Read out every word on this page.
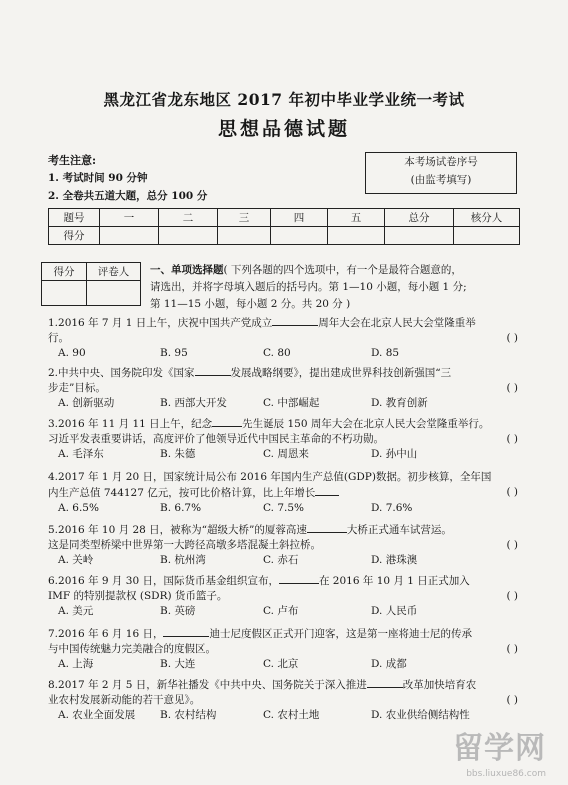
黑龙江省龙东地区 2017 年初中毕业学业统一考试
思想品德试题
考生注意:
1. 考试时间 90 分钟
2. 全卷共五道大题，总分 100 分
本考场试卷序号
(由监考填写)
题号	一	二	三	四	五	总分	核分人
得分							
得分	评卷人
	一、单项选择题( 下列各题的四个选项中，有一个是最符合题意的，
请选出，并将字母填入题后的括号内。第 1—10 小题，每小题 1 分;
第 11—15 小题，每小题 2 分。共 20 分 )
1.2016 年 7 月 1 日上午，庆祝中国共产党成立	周年大会在北京人民大会堂隆重举
行。	( )
A. 90	B. 95	C. 80	D. 85
2.中共中央、国务院印发《国家	发展战略纲要》，提出建成世界科技创新强国“三
步走”目标。	( )
A. 创新驱动	B. 西部大开发	C. 中部崛起	D. 教育创新
3.2016 年 11 月 11 日上午，纪念	先生诞辰 150 周年大会在北京人民大会堂隆重举行。
习近平发表重要讲话，高度评价了他领导近代中国民主革命的不朽功勋。	( )
A. 毛泽东	B. 朱德	C. 周恩来	D. 孙中山
4.2017 年 1 月 20 日，国家统计局公布 2016 年国内生产总值(GDP)数据。初步核算，全年国
内生产总值 744127 亿元，按可比价格计算，比上年增长	( )
A. 6.5%	B. 6.7%	C. 7.5%	D. 7.6%
5.2016 年 10 月 28 日，被称为“超级大桥”的厦蓉高速	大桥正式通车试营运。
这是同类型桥梁中世界第一大跨径高墩多塔混凝土斜拉桥。	( )
A. 关岭	B. 杭州湾	C. 赤石	D. 港珠澳
6.2016 年 9 月 30 日，国际货币基金组织宣布，	在 2016 年 10 月 1 日正式加入
IMF 的特别提款权 (SDR) 货币篮子。	( )
A. 美元	B. 英磅	C. 卢布	D. 人民币
7.2016 年 6 月 16 日，	迪士尼度假区正式开门迎客，这是第一座将迪士尼的传承
与中国传统魅力完美融合的度假区。	( )
A. 上海	B. 大连	C. 北京	D. 成都
8.2017 年 2 月 5 日，新华社播发《中共中央、国务院关于深入推进	改革加快培育农
业农村发展新动能的若干意见》。	( )
A. 农业全面发展 B. 农村结构	C. 农村土地	D. 农业供给侧结构性
留学网
bbs.liuxue86.com
